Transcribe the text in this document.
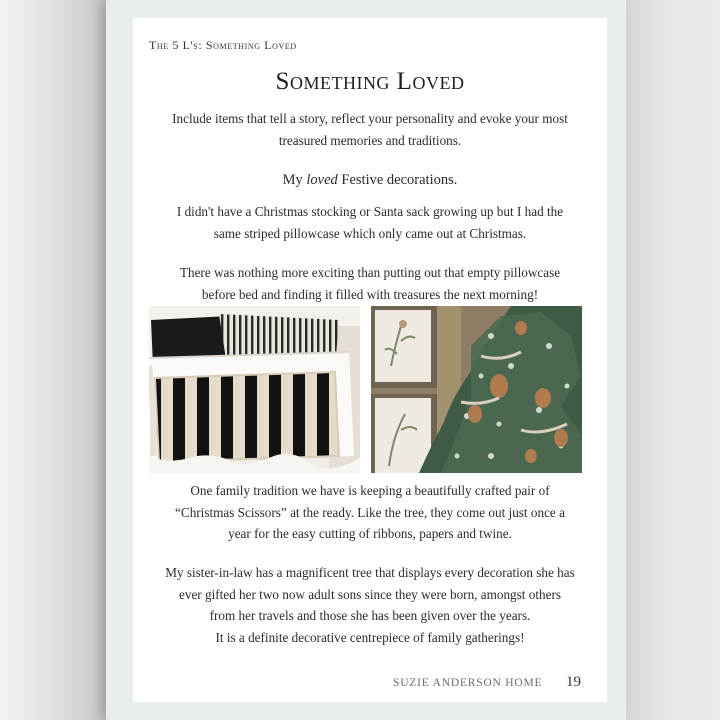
The 5 L's: Something Loved
Something Loved

Include items that tell a story, reflect your personality and evoke your most
treasured memories and traditions.

My loved Festive decorations.

I didn't have a Christmas stocking or Santa sack growing up but I had the
same striped pillowcase which only came out at Christmas.

There was nothing more exciting than putting out that empty pillowcase
before bed and finding it filled with treasures the next morning!

One family tradition we have is keeping a beautifully crafted pair of
“Christmas Scissors” at the ready. Like the tree, they come out just once a
year for the easy cutting of ribbons, papers and twine.

My sister-in-law has a magnificent tree that displays every decoration she has
ever gifted her two now adult sons since they were born, amongst others
from her travels and those she has been given over the years.
It is a definite decorative centrepiece of family gatherings!

SUZIE ANDERSON HOME 19
